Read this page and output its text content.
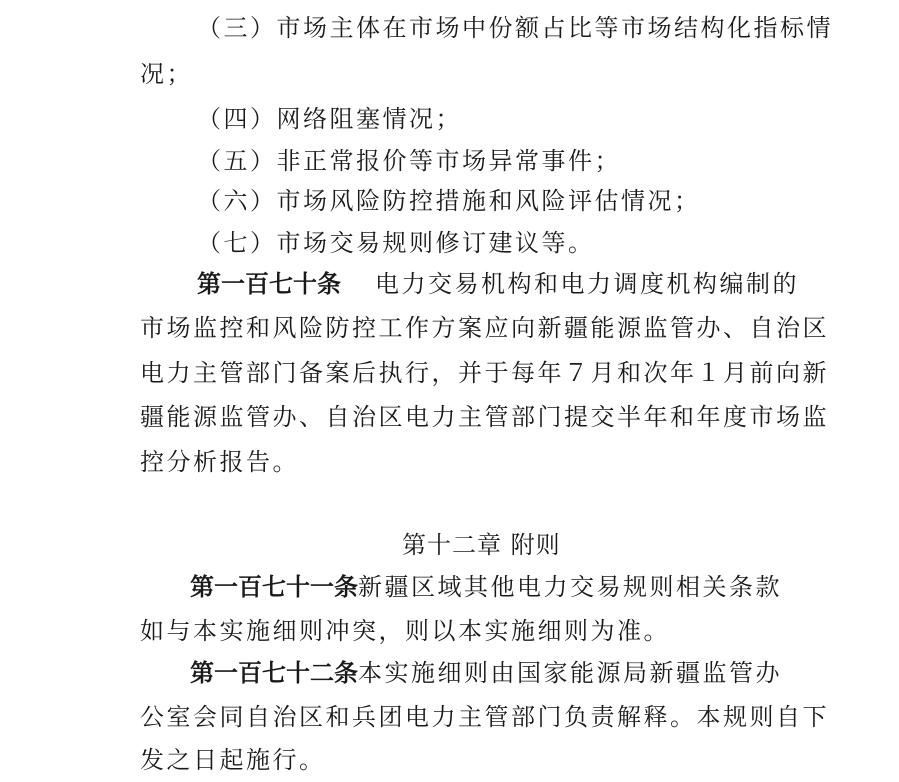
（三）市场主体在市场中份额占比等市场结构化指标情
况；
（四）网络阻塞情况；
（五）非正常报价等市场异常事件；
（六）市场风险防控措施和风险评估情况；
（七）市场交易规则修订建议等。
第一百七十条 电力交易机构和电力调度机构编制的
市场监控和风险防控工作方案应向新疆能源监管办、自治区
电力主管部门备案后执行，并于每年７月和次年１月前向新
疆能源监管办、自治区电力主管部门提交半年和年度市场监
控分析报告。
第十二章 附则
第一百七十一条新疆区域其他电力交易规则相关条款
如与本实施细则冲突，则以本实施细则为准。
第一百七十二条本实施细则由国家能源局新疆监管办
公室会同自治区和兵团电力主管部门负责解释。本规则自下
发之日起施行。
